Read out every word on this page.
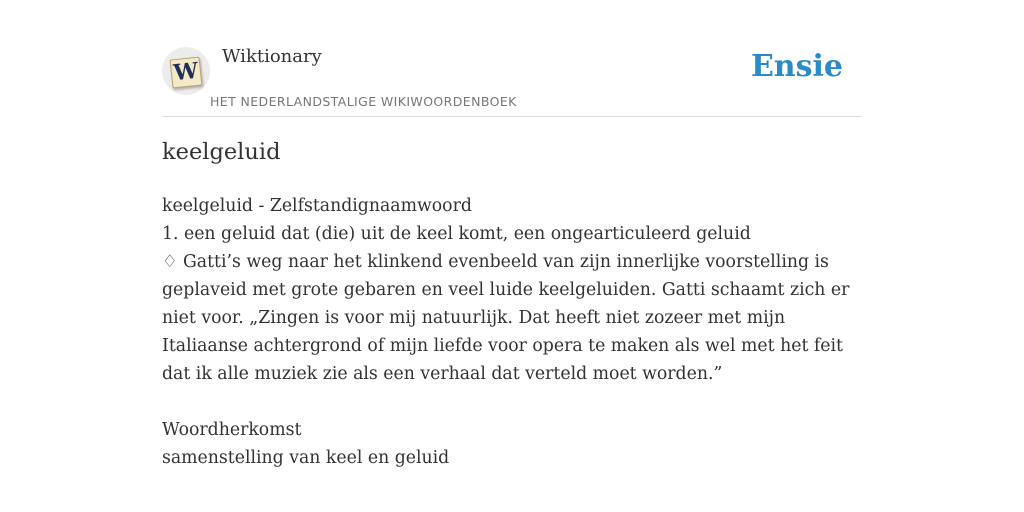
W
Wiktionary
HET NEDERLANDSTALIGE WIKIWOORDENBOEK
Ensie
keelgeluid

keelgeluid - Zelfstandignaamwoord

1. een geluid dat (die) uit de keel komt, een ongearticuleerd geluid

♢ Gatti’s weg naar het klinkend evenbeeld van zijn innerlijke voorstelling is geplaveid met grote gebaren en veel luide keelgeluiden. Gatti schaamt zich er niet voor. „Zingen is voor mij natuurlijk. Dat heeft niet zozeer met mijn Italiaanse achtergrond of mijn liefde voor opera te maken als wel met het feit dat ik alle muziek zie als een verhaal dat verteld moet worden.”

Woordherkomst

samenstelling van keel en geluid
